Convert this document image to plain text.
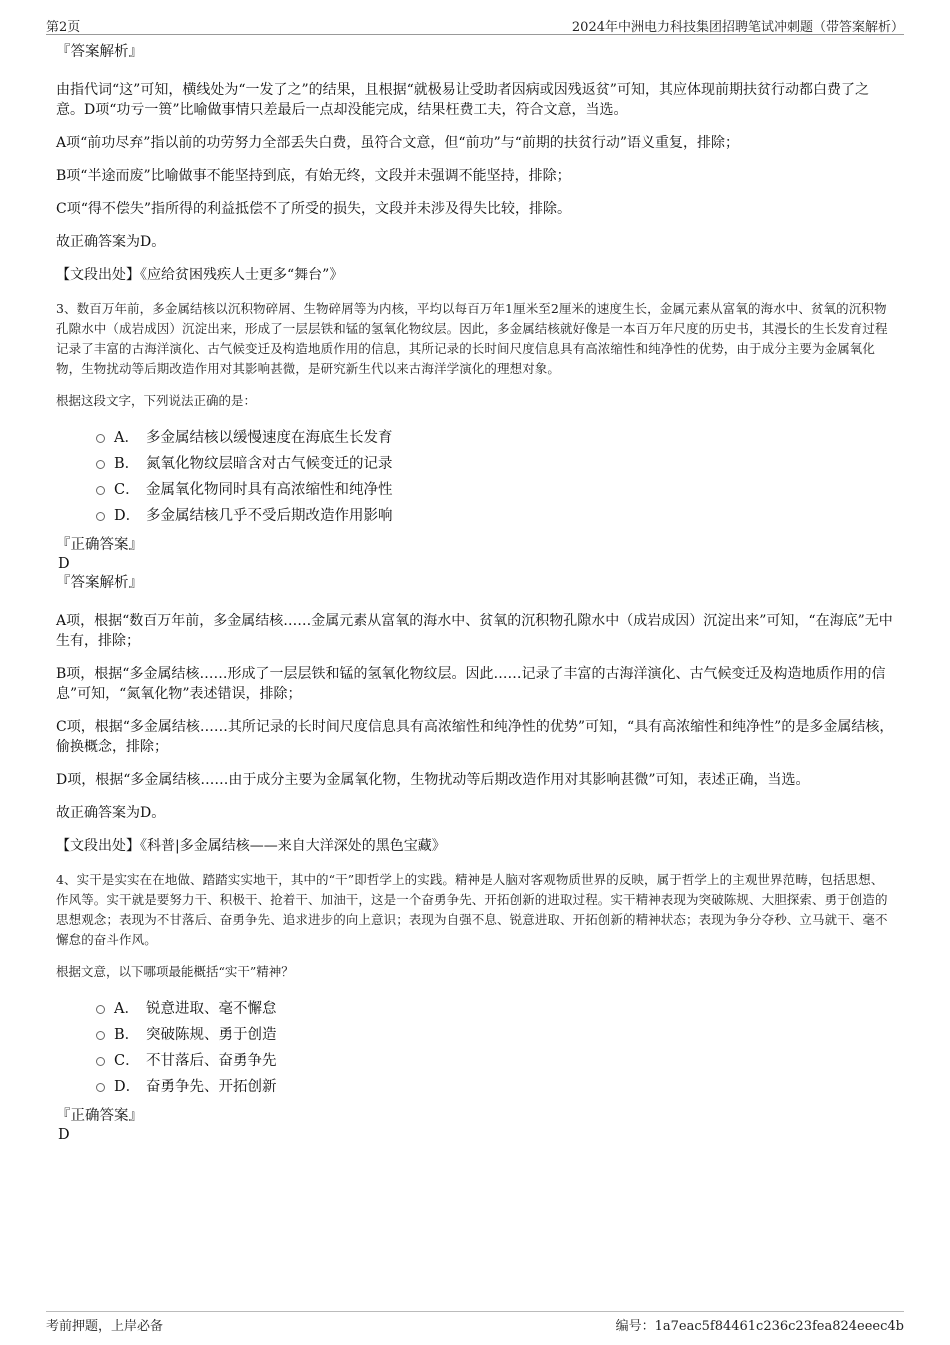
第2页	2024年中洲电力科技集团招聘笔试冲刺题（带答案解析）

『答案解析』

由指代词“这”可知，横线处为“一发了之”的结果，且根据“就极易让受助者因病或因残返贫”可知，其应体现前期扶贫行动都白费了之意。D项“功亏一篑”比喻做事情只差最后一点却没能完成，结果枉费工夫，符合文意，当选。

A项“前功尽弃”指以前的功劳努力全部丢失白费，虽符合文意，但“前功”与“前期的扶贫行动”语义重复，排除；

B项“半途而废”比喻做事不能坚持到底，有始无终，文段并未强调不能坚持，排除；

C项“得不偿失”指所得的利益抵偿不了所受的损失，文段并未涉及得失比较，排除。

故正确答案为D。

【文段出处】《应给贫困残疾人士更多“舞台”》

3、数百万年前，多金属结核以沉积物碎屑、生物碎屑等为内核，平均以每百万年1厘米至2厘米的速度生长，金属元素从富氧的海水中、贫氧的沉积物孔隙水中（成岩成因）沉淀出来，形成了一层层铁和锰的氢氧化物纹层。因此，多金属结核就好像是一本百万年尺度的历史书，其漫长的生长发育过程记录了丰富的古海洋演化、古气候变迁及构造地质作用的信息，其所记录的长时间尺度信息具有高浓缩性和纯净性的优势，由于成分主要为金属氧化物，生物扰动等后期改造作用对其影响甚微，是研究新生代以来古海洋学演化的理想对象。

根据这段文字，下列说法正确的是：

A． 多金属结核以缓慢速度在海底生长发育
B． 氮氧化物纹层暗含对古气候变迁的记录
C． 金属氧化物同时具有高浓缩性和纯净性
D． 多金属结核几乎不受后期改造作用影响

『正确答案』

D

『答案解析』

A项，根据“数百万年前，多金属结核……金属元素从富氧的海水中、贫氧的沉积物孔隙水中（成岩成因）沉淀出来”可知，“在海底”无中生有，排除；

B项，根据“多金属结核……形成了一层层铁和锰的氢氧化物纹层。因此……记录了丰富的古海洋演化、古气候变迁及构造地质作用的信息”可知，“氮氧化物”表述错误，排除；

C项，根据“多金属结核……其所记录的长时间尺度信息具有高浓缩性和纯净性的优势”可知，“具有高浓缩性和纯净性”的是多金属结核，偷换概念，排除；

D项，根据“多金属结核……由于成分主要为金属氧化物，生物扰动等后期改造作用对其影响甚微”可知，表述正确，当选。

故正确答案为D。

【文段出处】《科普|多金属结核——来自大洋深处的黑色宝藏》

4、实干是实实在在地做、踏踏实实地干，其中的“干”即哲学上的实践。精神是人脑对客观物质世界的反映，属于哲学上的主观世界范畴，包括思想、作风等。实干就是要努力干、积极干、抢着干、加油干，这是一个奋勇争先、开拓创新的进取过程。实干精神表现为突破陈规、大胆探索、勇于创造的思想观念；表现为不甘落后、奋勇争先、追求进步的向上意识；表现为自强不息、锐意进取、开拓创新的精神状态；表现为争分夺秒、立马就干、毫不懈怠的奋斗作风。

根据文意，以下哪项最能概括“实干”精神？

A． 锐意进取、毫不懈怠
B． 突破陈规、勇于创造
C． 不甘落后、奋勇争先
D． 奋勇争先、开拓创新

『正确答案』

D

考前押题，上岸必备	编号：1a7eac5f84461c236c23fea824eeec4b
